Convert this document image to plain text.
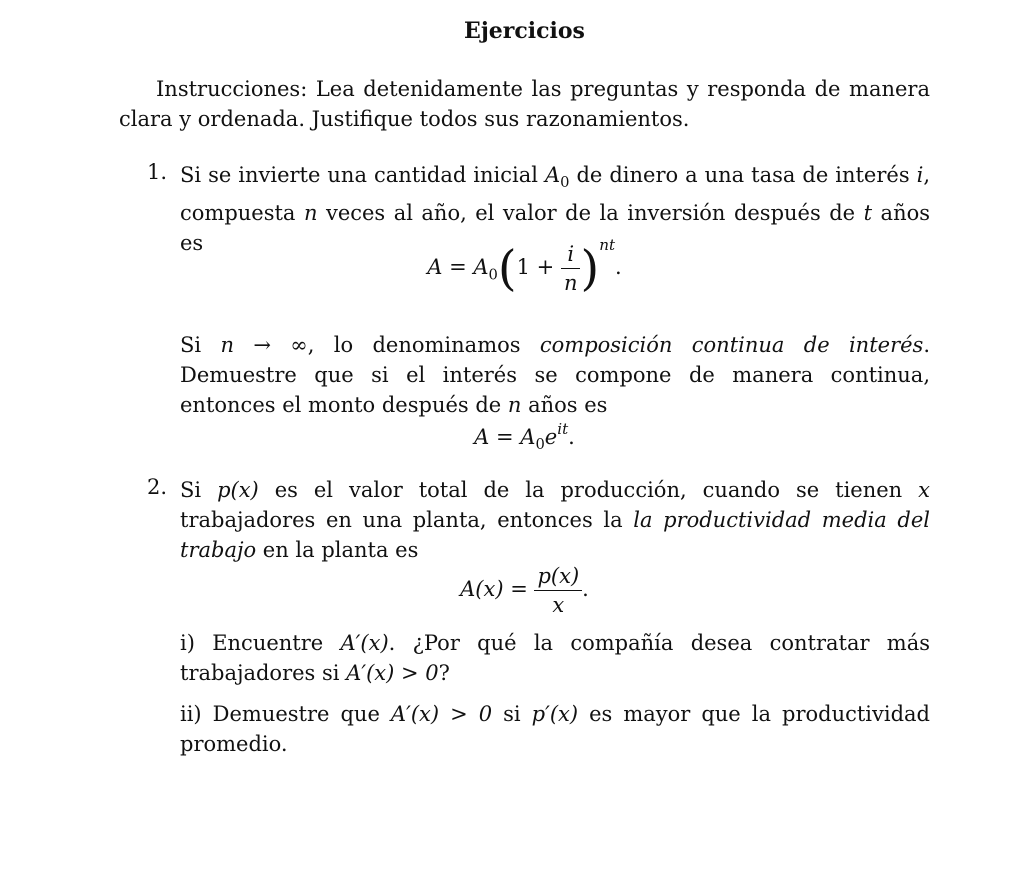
Ejercicios
Instrucciones: Lea detenidamente las preguntas y responda de manera clara y ordenada. Justifique todos sus razonamientos.
1. Si se invierte una cantidad inicial $A_0$ de dinero a una tasa de interés i, compuesta n veces al año, el valor de la inversión después de t años es
$A = A_0(1 + \frac{i}{n} )^{nt}$.
Si n → ∞, lo denominamos composición continua de interés. Demuestre que si el interés se compone de manera continua, entonces el monto después de n años es
$A = A_0e^{it}$.
2. Si p(x) es el valor total de la producción, cuando se tienen x trabajadores en una planta, entonces la la productividad media del trabajo en la planta es
$A(x) = \frac{p(x)}{x}$ .
i) Encuentre A′(x). ¿Por qué la compañía desea contratar más trabajadores si A′(x) > 0?
ii) Demuestre que A′(x) > 0 si p′(x) es mayor que la productividad promedio.
